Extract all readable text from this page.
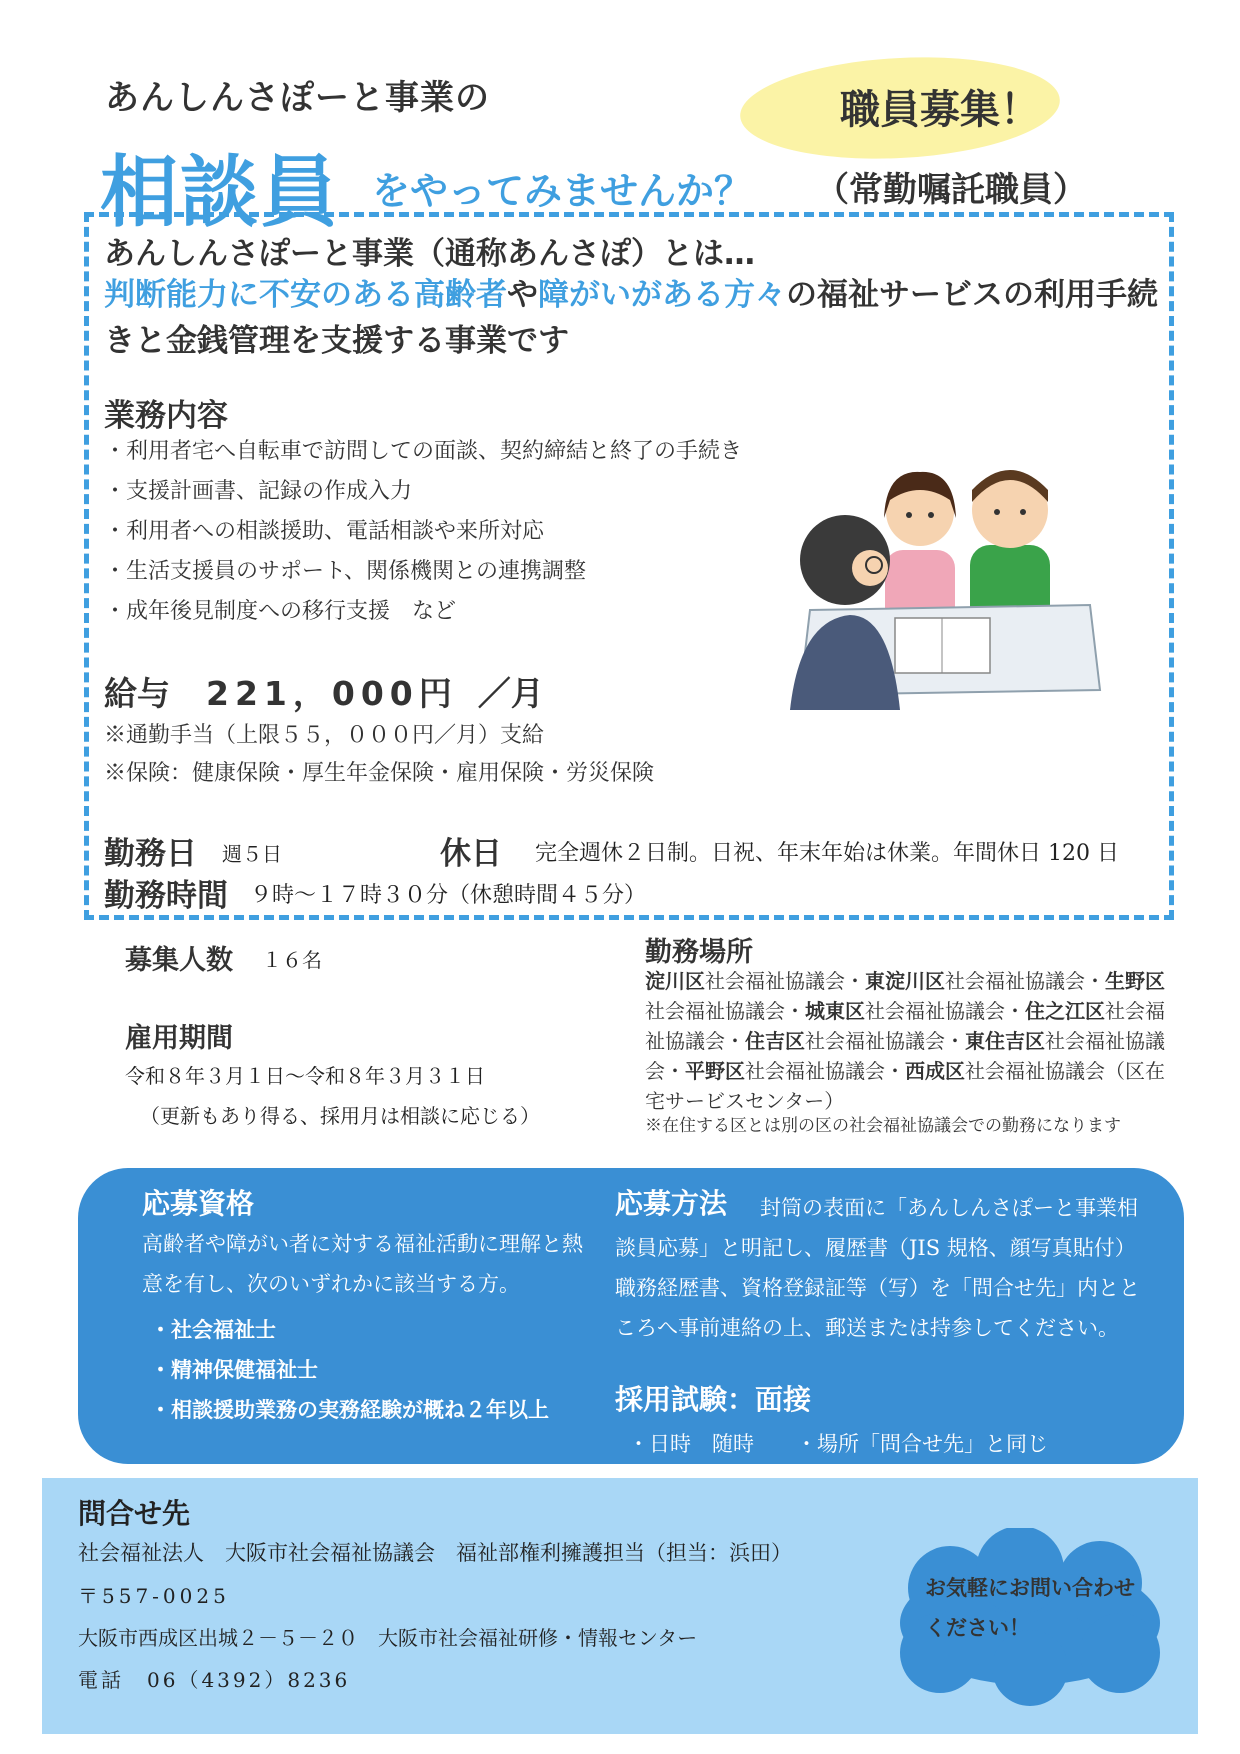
あんしんさぽーと事業の	職員募集！
相談員 をやってみませんか？ （常勤嘱託職員）
あんしんさぽーと事業（通称あんさぽ）とは…
判断能力に不安のある高齢者や障がいがある方々の福祉サービスの利用手続きと金銭管理を支援する事業です
業務内容
・利用者宅へ自転車で訪問しての面談、契約締結と終了の手続き
・支援計画書、記録の作成入力
・利用者への相談援助、電話相談や来所対応
・生活支援員のサポート、関係機関との連携調整
・成年後見制度への移行支援　など
給与 221，000円 ／月
※通勤手当（上限５５，０００円／月）支給
※保険：健康保険・厚生年金保険・雇用保険・労災保険
勤務日 週５日	休日 完全週休２日制。日祝、年末年始は休業。年間休日 120 日
勤務時間 ９時～１７時３０分（休憩時間４５分）
募集人数 １６名
雇用期間
令和８年３月１日～令和８年３月３１日
（更新もあり得る、採用月は相談に応じる）
勤務場所
淀川区社会福祉協議会・東淀川区社会福祉協議会・生野区社会福祉協議会・城東区社会福祉協議会・住之江区社会福祉協議会・住吉区社会福祉協議会・東住吉区社会福祉協議会・平野区社会福祉協議会・西成区社会福祉協議会（区在宅サービスセンター）
※在住する区とは別の区の社会福祉協議会での勤務になります
応募資格
高齢者や障がい者に対する福祉活動に理解と熱意を有し、次のいずれかに該当する方。
・社会福祉士
・精神保健福祉士
・相談援助業務の実務経験が概ね２年以上
応募方法	封筒の表面に「あんしんさぽーと事業相談員応募」と明記し、履歴書（JIS 規格、顔写真貼付）職務経歴書、資格登録証等（写）を「問合せ先」内とところへ事前連絡の上、郵送または持参してください。
採用試験：面接
・日時　随時　　・場所「問合せ先」と同じ
問合せ先
社会福祉法人　大阪市社会福祉協議会　福祉部権利擁護担当（担当：浜田）
〒557-0025
大阪市西成区出城２－５－２０　大阪市社会福祉研修・情報センター
電話　06（4392）8236
お気軽にお問い合わせ
ください！
